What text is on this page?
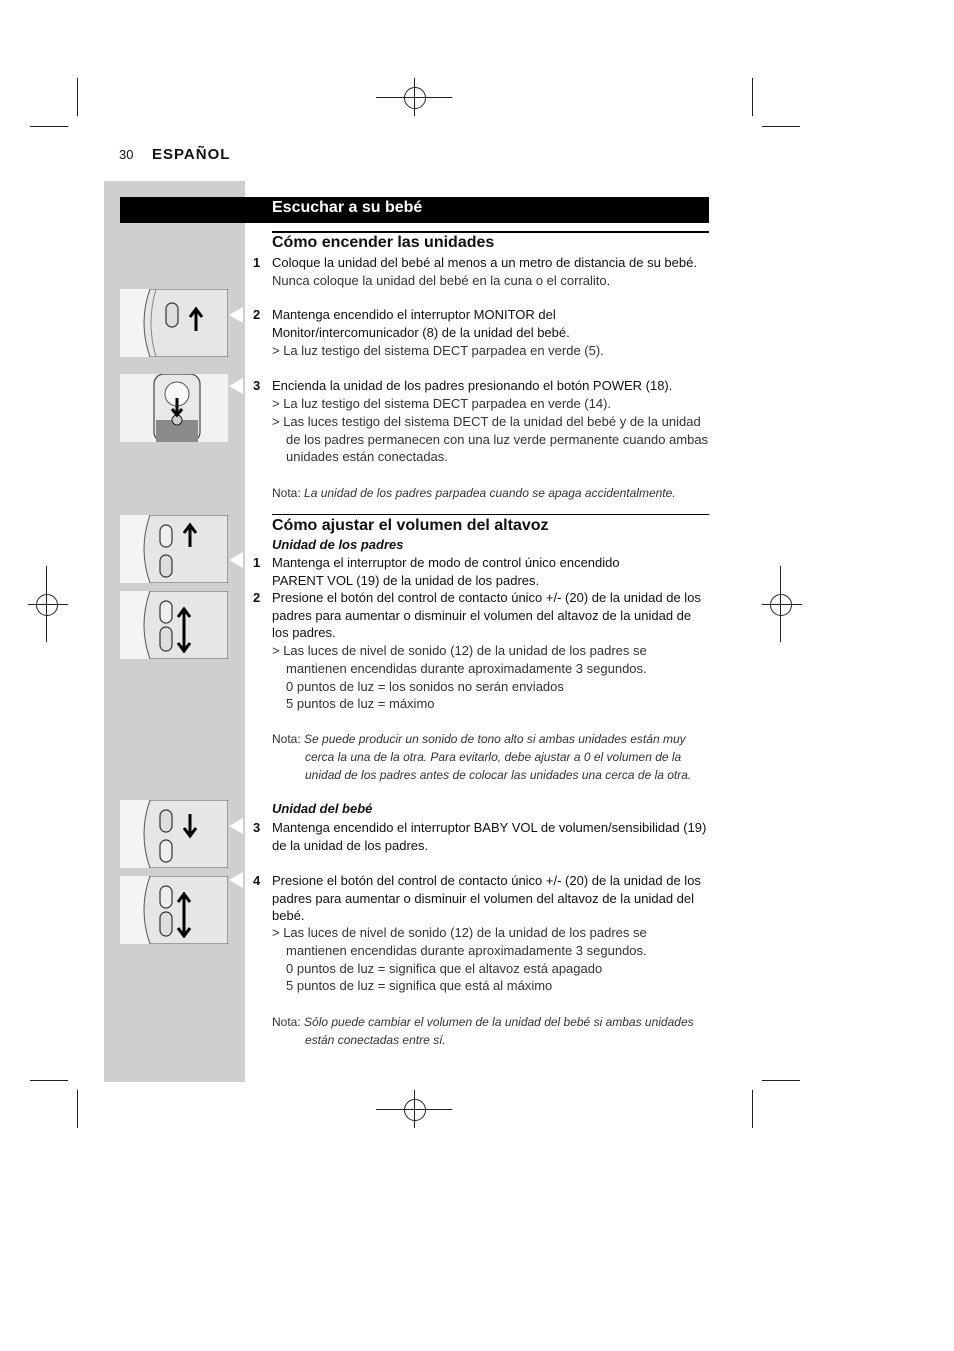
30 ESPAÑOL
Escuchar a su bebé
Cómo encender las unidades
1 Coloque la unidad del bebé al menos a un metro de distancia de su bebé.
Nunca coloque la unidad del bebé en la cuna o el corralito.
2 Mantenga encendido el interruptor MONITOR del
Monitor/intercomunicador (8) de la unidad del bebé.
> La luz testigo del sistema DECT parpadea en verde (5).
3 Encienda la unidad de los padres presionando el botón POWER (18).
> La luz testigo del sistema DECT parpadea en verde (14).
> Las luces testigo del sistema DECT de la unidad del bebé y de la unidad de los padres permanecen con una luz verde permanente cuando ambas unidades están conectadas.
Nota: La unidad de los padres parpadea cuando se apaga accidentalmente.
Cómo ajustar el volumen del altavoz
Unidad de los padres
1 Mantenga el interruptor de modo de control único encendido
PARENT VOL (19) de la unidad de los padres.
2 Presione el botón del control de contacto único +/- (20) de la unidad de los padres para aumentar o disminuir el volumen del altavoz de la unidad de los padres.
> Las luces de nivel de sonido (12) de la unidad de los padres se mantienen encendidas durante aproximadamente 3 segundos.
0 puntos de luz = los sonidos no serán enviados
5 puntos de luz = máximo
Nota: Se puede producir un sonido de tono alto si ambas unidades están muy cerca la una de la otra. Para evitarlo, debe ajustar a 0 el volumen de la unidad de los padres antes de colocar las unidades una cerca de la otra.
Unidad del bebé
3 Mantenga encendido el interruptor BABY VOL de volumen/sensibilidad (19) de la unidad de los padres.
4 Presione el botón del control de contacto único +/- (20) de la unidad de los padres para aumentar o disminuir el volumen del altavoz de la unidad del bebé.
> Las luces de nivel de sonido (12) de la unidad de los padres se mantienen encendidas durante aproximadamente 3 segundos.
0 puntos de luz = significa que el altavoz está apagado
5 puntos de luz = significa que está al máximo
Nota: Sólo puede cambiar el volumen de la unidad del bebé si ambas unidades están conectadas entre sí.
